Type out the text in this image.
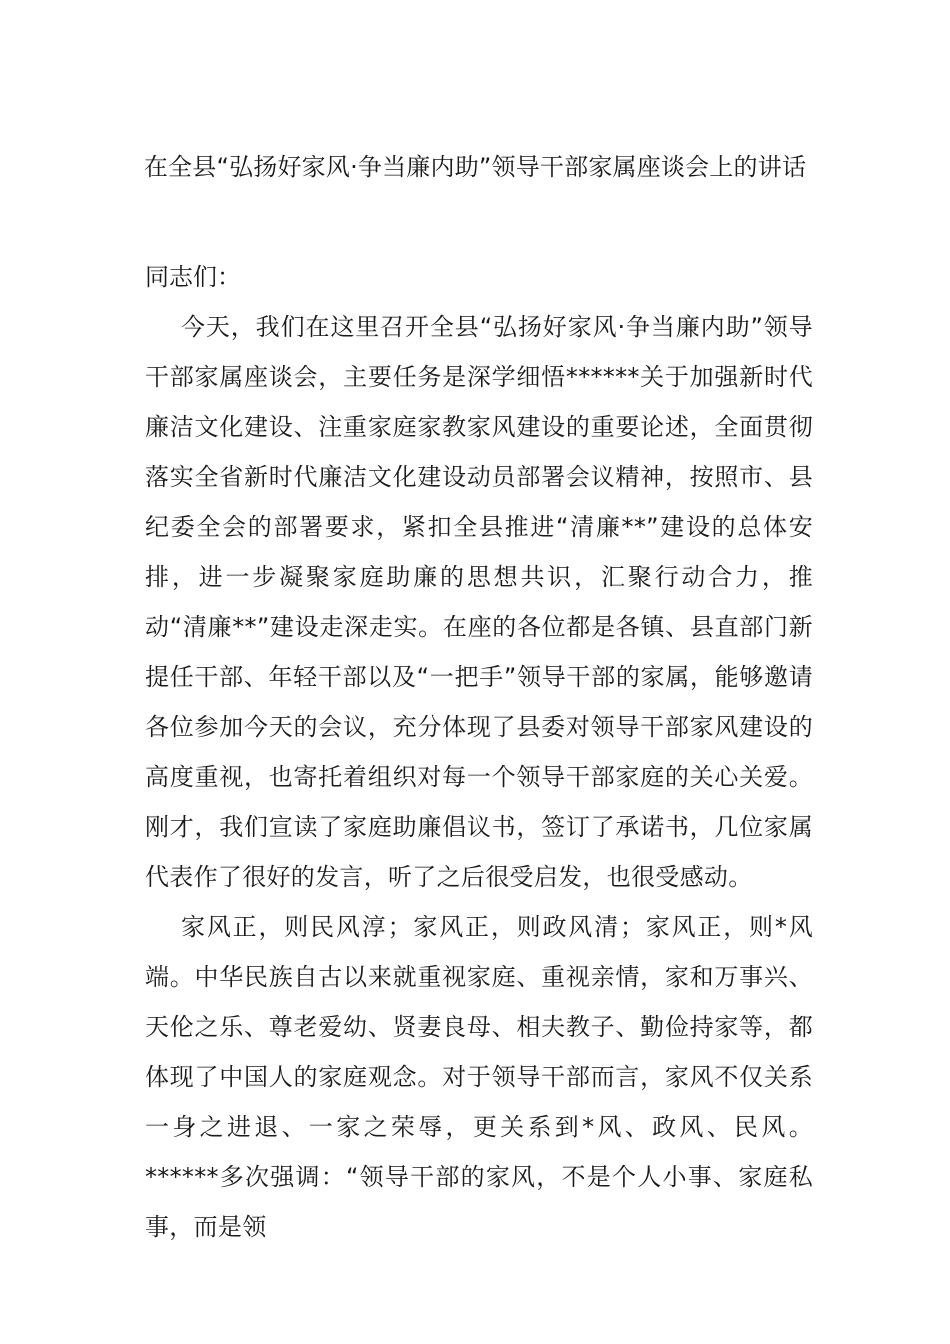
在全县“弘扬好家风·争当廉内助”领导干部家属座谈会上的讲话

同志们：

今天，我们在这里召开全县“弘扬好家风·争当廉内助”领导干部家属座谈会，主要任务是深学细悟******关于加强新时代廉洁文化建设、注重家庭家教家风建设的重要论述，全面贯彻落实全省新时代廉洁文化建设动员部署会议精神，按照市、县纪委全会的部署要求，紧扣全县推进“清廉**”建设的总体安排，进一步凝聚家庭助廉的思想共识，汇聚行动合力，推动“清廉**”建设走深走实。在座的各位都是各镇、县直部门新提任干部、年轻干部以及“一把手”领导干部的家属，能够邀请各位参加今天的会议，充分体现了县委对领导干部家风建设的高度重视，也寄托着组织对每一个领导干部家庭的关心关爱。刚才，我们宣读了家庭助廉倡议书，签订了承诺书，几位家属代表作了很好的发言，听了之后很受启发，也很受感动。

家风正，则民风淳；家风正，则政风清；家风正，则*风端。中华民族自古以来就重视家庭、重视亲情，家和万事兴、天伦之乐、尊老爱幼、贤妻良母、相夫教子、勤俭持家等，都体现了中国人的家庭观念。对于领导干部而言，家风不仅关系一身之进退、一家之荣辱，更关系到*风、政风、民风。******多次强调：“领导干部的家风，不是个人小事、家庭私事，而是领
